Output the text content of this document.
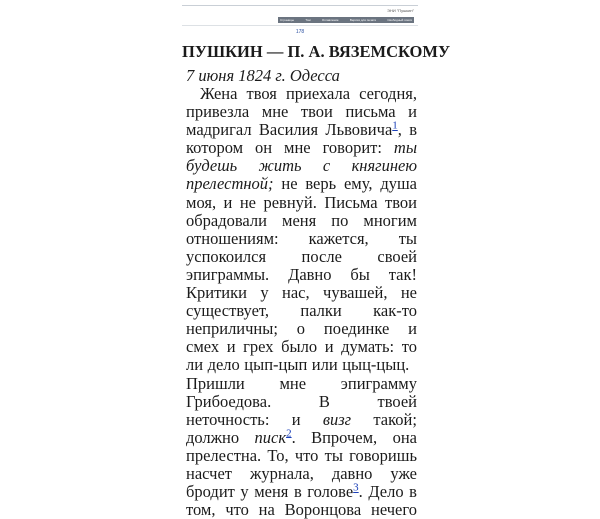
ЭНИ "Пушкин"
Страницы	Том	Оглавление	Версия для печати	Свободный поиск
178
ПУШКИН — П. А. ВЯЗЕМСКОМУ
7 июня 1824 г. Одесса
Жена твоя приехала сегодня,
привезла мне твои письма и
мадригал Василия Львовича$^1$, в
котором он мне говорит: ты
будешь жить с княгинею
прелестной; не верь ему, душа
моя, и не ревнуй. Письма твои
обрадовали меня по многим
отношениям: кажется, ты
успокоился после своей
эпиграммы. Давно бы так!
Критики у нас, чувашей, не
существует, палки как-то
неприличны; о поединке и
смех и грех было и думать: то
ли дело цып-цып или цыц-цыц.
Пришли мне эпиграмму
Грибоедова.	В	твоей
неточность: и визг такой;
должно писк$^2$. Впрочем, она
прелестна. То, что ты говоришь
насчет журнала, давно уже
бродит у меня в голове$^3$. Дело в
том, что на Воронцова нечего
